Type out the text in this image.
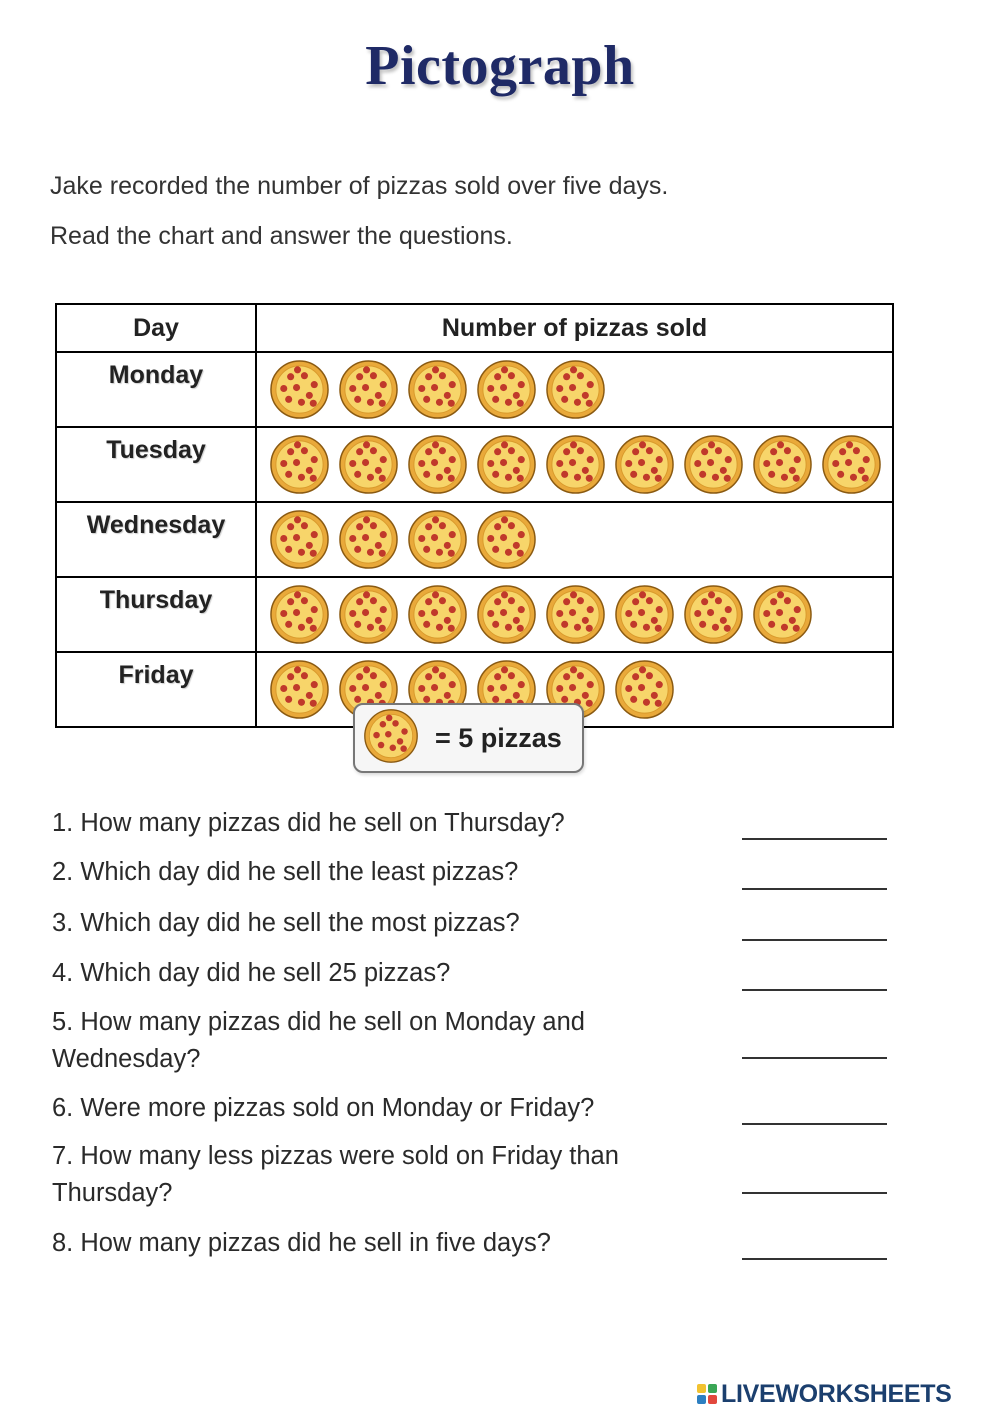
Pictograph
Jake recorded the number of pizzas sold over five days.
Read the chart and answer the questions.
Day	Number of pizzas sold
Monday	

Tuesday	

Wednesday	

Thursday	

Friday	
= 5 pizzas
1. How many pizzas did he sell on Thursday?
2. Which day did he sell the least pizzas?
3. Which day did he sell the most pizzas?
4. Which day did he sell 25 pizzas?
5. How many pizzas did he sell on Monday and Wednesday?
6. Were more pizzas sold on Monday or Friday?
7. How many less pizzas were sold on Friday than Thursday?
8. How many pizzas did he sell in five days?
LIVEWORKSHEETS
